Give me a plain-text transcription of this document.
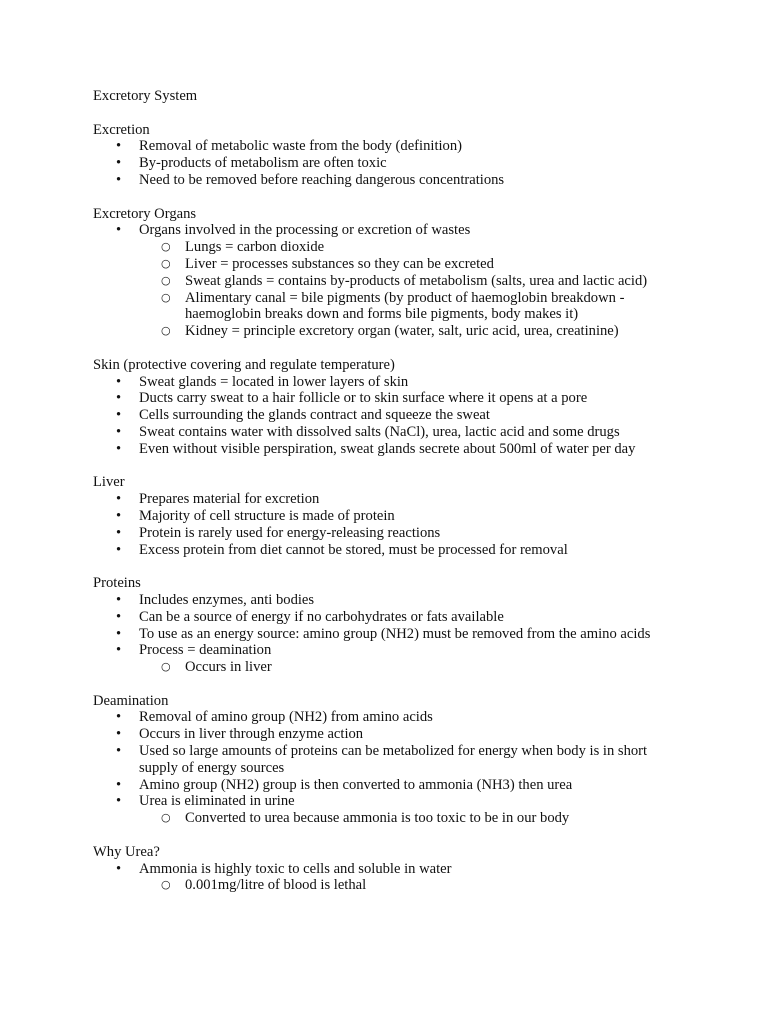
Excretory System
Excretion
• Removal of metabolic waste from the body (definition)
• By-products of metabolism are often toxic
• Need to be removed before reaching dangerous concentrations
Excretory Organs
• Organs involved in the processing or excretion of wastes
○ Lungs = carbon dioxide
○ Liver = processes substances so they can be excreted
○ Sweat glands = contains by-products of metabolism (salts, urea and lactic acid)
○ Alimentary canal = bile pigments (by product of haemoglobin breakdown - haemoglobin breaks down and forms bile pigments, body makes it)
○ Kidney = principle excretory organ (water, salt, uric acid, urea, creatinine)
Skin (protective covering and regulate temperature)
• Sweat glands = located in lower layers of skin
• Ducts carry sweat to a hair follicle or to skin surface where it opens at a pore
• Cells surrounding the glands contract and squeeze the sweat
• Sweat contains water with dissolved salts (NaCl), urea, lactic acid and some drugs
• Even without visible perspiration, sweat glands secrete about 500ml of water per day
Liver
• Prepares material for excretion
• Majority of cell structure is made of protein
• Protein is rarely used for energy-releasing reactions
• Excess protein from diet cannot be stored, must be processed for removal
Proteins
• Includes enzymes, anti bodies
• Can be a source of energy if no carbohydrates or fats available
• To use as an energy source: amino group (NH2) must be removed from the amino acids
• Process = deamination
○ Occurs in liver
Deamination
• Removal of amino group (NH2) from amino acids
• Occurs in liver through enzyme action
• Used so large amounts of proteins can be metabolized for energy when body is in short supply of energy sources
• Amino group (NH2) group is then converted to ammonia (NH3) then urea
• Urea is eliminated in urine
○ Converted to urea because ammonia is too toxic to be in our body
Why Urea?
• Ammonia is highly toxic to cells and soluble in water
○ 0.001mg/litre of blood is lethal
